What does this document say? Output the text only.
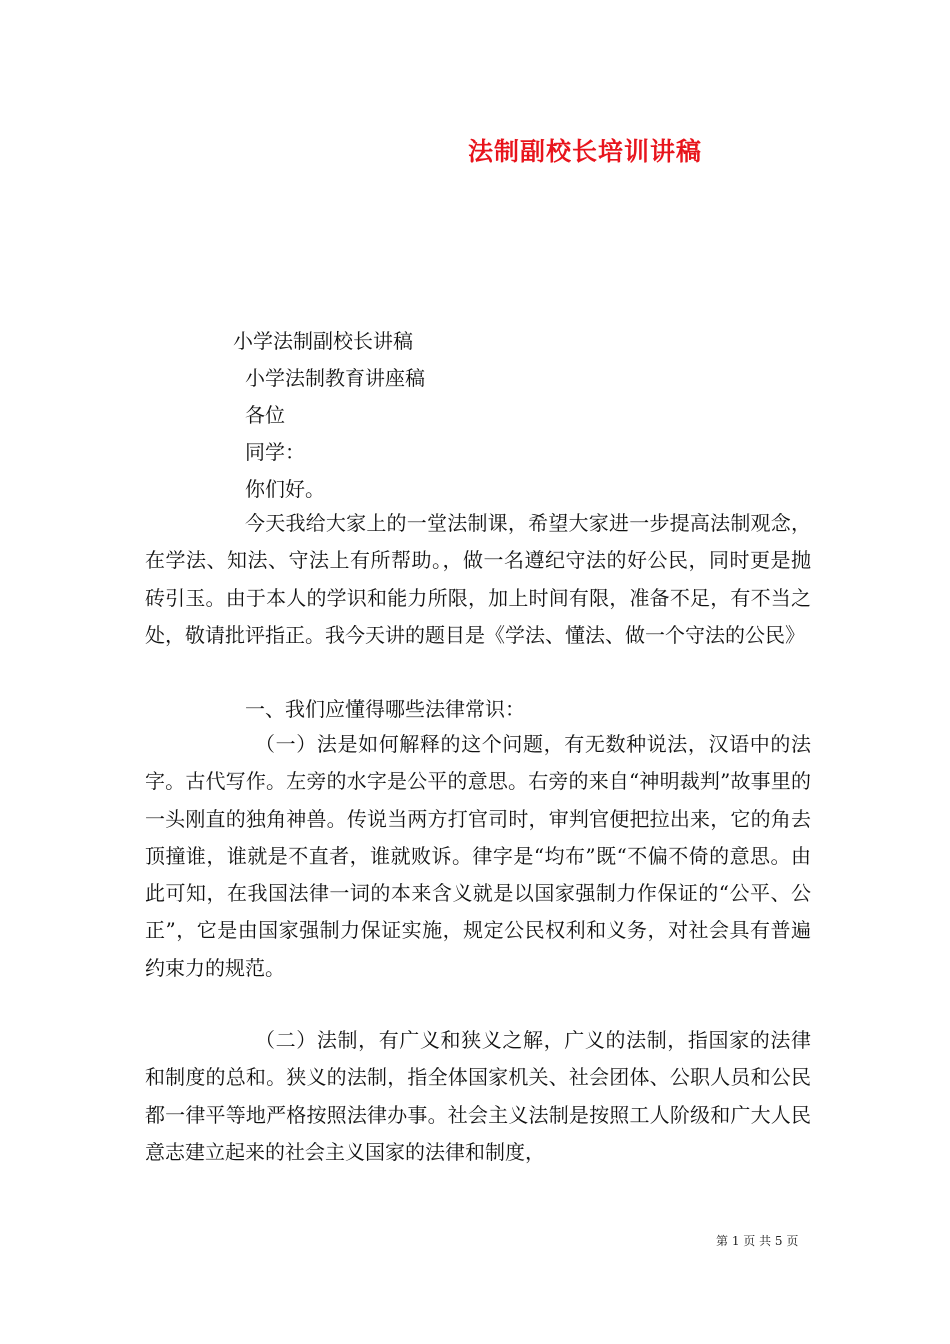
法制副校长培训讲稿
小学法制副校长讲稿
小学法制教育讲座稿
各位
同学：
你们好。

今天我给大家上的一堂法制课，希望大家进一步提高法制观念，在学法、知法、守法上有所帮助。，做一名遵纪守法的好公民，同时更是抛砖引玉。由于本人的学识和能力所限，加上时间有限，准备不足，有不当之处，敬请批评指正。我今天讲的题目是《学法、懂法、做一个守法的公民》

一、我们应懂得哪些法律常识：

（一）法是如何解释的这个问题，有无数种说法，汉语中的法字。古代写作。左旁的水字是公平的意思。右旁的来自“神明裁判”故事里的一头刚直的独角神兽。传说当两方打官司时，审判官便把拉出来，它的角去顶撞谁，谁就是不直者，谁就败诉。律字是“均布”既“不偏不倚的意思。由此可知，在我国法律一词的本来含义就是以国家强制力作保证的“公平、公正”，它是由国家强制力保证实施，规定公民权利和义务，对社会具有普遍约束力的规范。

（二）法制，有广义和狭义之解，广义的法制，指国家的法律和制度的总和。狭义的法制，指全体国家机关、社会团体、公职人员和公民都一律平等地严格按照法律办事。社会主义法制是按照工人阶级和广大人民意志建立起来的社会主义国家的法律和制度，

第 1 页 共 5 页
